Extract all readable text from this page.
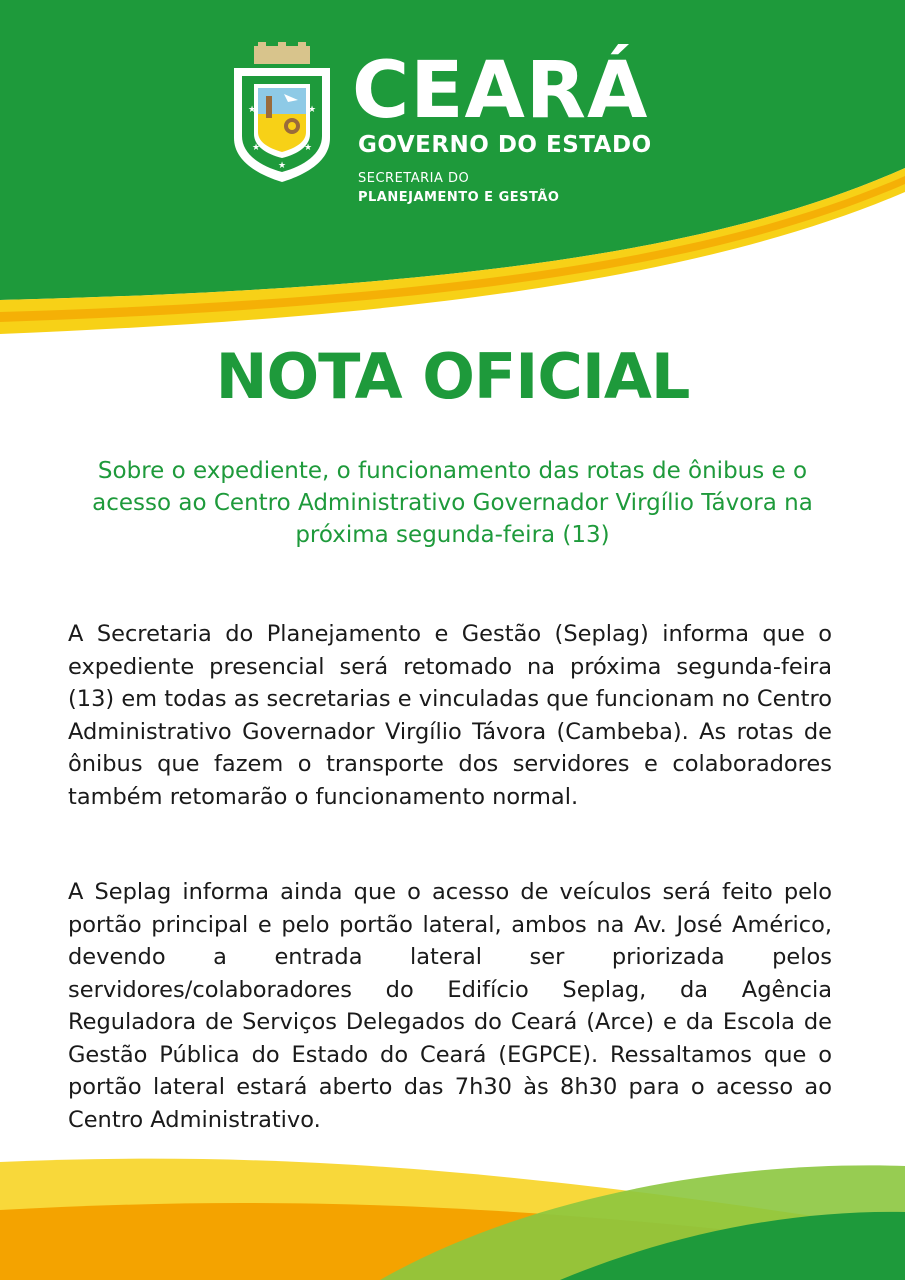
★	★
★	★
★
CEARÁ
GOVERNO DO ESTADO
SECRETARIA DO
PLANEJAMENTO E GESTÃO
NOTA OFICIAL
Sobre o expediente, o funcionamento das rotas de ônibus e o acesso ao Centro Administrativo Governador Virgílio Távora na próxima segunda-feira (13)

A Secretaria do Planejamento e Gestão (Seplag) informa que o expediente presencial será retomado na próxima segunda-feira (13) em todas as secretarias e vinculadas que funcionam no Centro Administrativo Governador Virgílio Távora (Cambeba). As rotas de ônibus que fazem o transporte dos servidores e colaboradores também retomarão o funcionamento normal.

A Seplag informa ainda que o acesso de veículos será feito pelo portão principal e pelo portão lateral, ambos na Av. José Américo, devendo a entrada lateral ser priorizada pelos servidores/colaboradores do Edifício Seplag, da Agência Reguladora de Serviços Delegados do Ceará (Arce) e da Escola de Gestão Pública do Estado do Ceará (EGPCE). Ressaltamos que o portão lateral estará aberto das 7h30 às 8h30 para o acesso ao Centro Administrativo.
